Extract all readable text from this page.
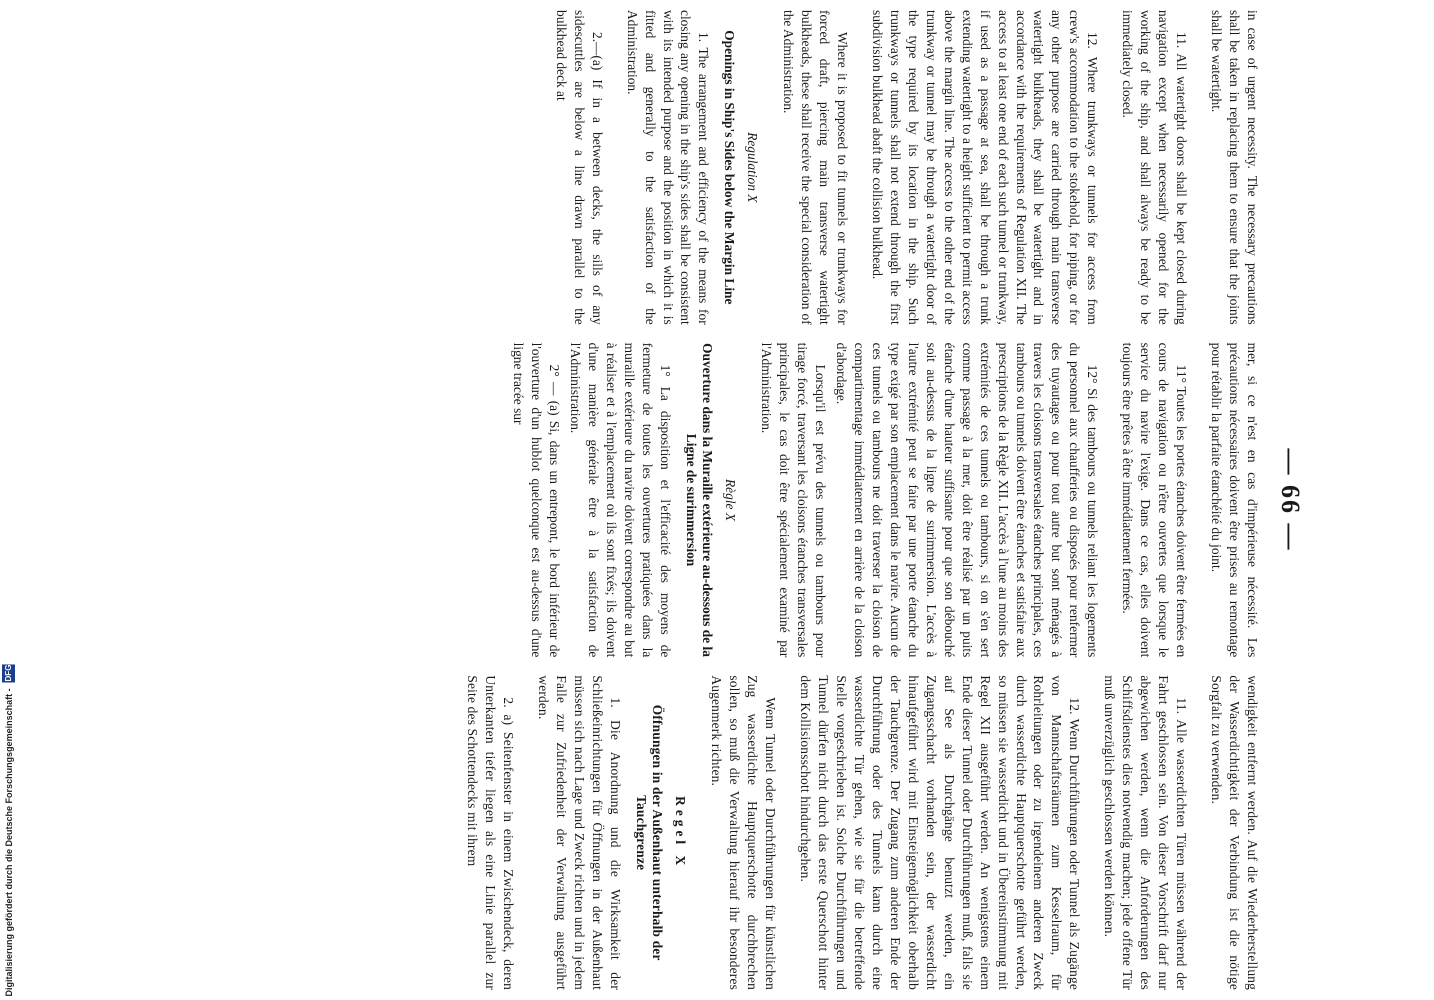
— 66 —

in case of urgent necessity. The necessary precautions shall be taken in replacing them to ensure that the joints shall be watertight.

11. All watertight doors shall be kept closed during navigation except when necessarily opened for the working of the ship, and shall always be ready to be immediately closed.

12. Where trunkways or tunnels for access from crew's accommodation to the stokehold, for piping, or for any other purpose are carried through main transverse watertight bulkheads, they shall be watertight and in accordance with the requirements of Regulation XII. The access to at least one end of each such tunnel or trunkway, if used as a passage at sea, shall be through a trunk extending watertight to a height sufficient to permit access above the margin line. The access to the other end of the trunkway or tunnel may be through a watertight door of the type required by its location in the ship. Such trunkways or tunnels shall not extend through the first subdivision bulkhead abaft the collision bulkhead.

Where it is proposed to fit tunnels or trunkways for forced draft, piercing main transverse watertight bulkheads, these shall receive the special consideration of the Administration.

Regulation X
Openings in Ship's Sides below the Margin Line

1. The arrangement and efficiency of the means for closing any opening in the ship's sides shall be consistent with its intended purpose and the position in which it is fitted and generally to the satisfaction of the Administration.

2.—(a) If in a between decks, the sills of any sidescuttles are below a line drawn parallel to the bulkhead deck at

mer, si ce n'est en cas d'impérieuse nécessité. Les précautions nécessaires doivent être prises au remontage pour rétablir la parfaite étanchéité du joint.

11° Toutes les portes étanches doivent être fermées en cours de navigation ou n'être ouvertes que lorsque le service du navire l'exige. Dans ce cas, elles doivent toujours être prêtes à être immédiatement fermées.

12° Si des tambours ou tunnels reliant les logements du personnel aux chaufferies ou disposés pour renfermer des tuyautages ou pour tout autre but sont ménagés à travers les cloisons transversales étanches principales, ces tambours ou tunnels doivent être étanches et satisfaire aux prescriptions de la Règle XII. L'accès à l'une au moins des extrémités de ces tunnels ou tambours, si on s'en sert comme passage à la mer, doit être réalisé par un puits étanche d'une hauteur suffisante pour que son débouché soit au-dessus de la ligne de surimmersion. L'accès à l'autre extrémité peut se faire par une porte étanche du type exigé par son emplacement dans le navire. Aucun de ces tunnels ou tambours ne doit traverser la cloison de compartimentage immédiatement en arrière de la cloison d'abordage.

Lorsqu'il est prévu des tunnels ou tambours pour tirage forcé, traversant les cloisons étanches transversales principales, le cas doit être spécialement examiné par l'Administration.

Règle X
Ouverture dans la Muraille extérieure au-dessous de la Ligne de surimmersion

1° La disposition et l'efficacité des moyens de fermeture de toutes les ouvertures pratiquées dans la muraille extérieure du navire doivent correspondre au but à réaliser et à l'emplacement où ils sont fixés; ils doivent d'une manière générale être à la satisfaction de l'Administration.

2° — (a) Si, dans un entrepont, le bord inférieur de l'ouverture d'un hublot quelconque est au-dessus d'une ligne tracée sur

wendigkeit entfernt werden. Auf die Wiederherstellung der Wasserdichtigkeit der Verbindung ist die nötige Sorgfalt zu verwenden.

11. Alle wasserdichten Türen müssen während der Fahrt geschlossen sein. Von dieser Vorschrift darf nur abgewichen werden, wenn die Anforderungen des Schiffsdienstes dies notwendig machen; jede offene Tür muß unverzüglich geschlossen werden können.

12. Wenn Durchführungen oder Tunnel als Zugänge von Mannschaftsräumen zum Kesselraum, für Rohrleitungen oder zu irgendeinem anderen Zweck durch wasserdichte Hauptquerschotte geführt werden, so müssen sie wasserdicht und in Übereinstimmung mit Regel XII ausgeführt werden. An wenigstens einem Ende dieser Tunnel oder Durchführungen muß, falls sie auf See als Durchgänge benutzt werden, ein Zugangsschacht vorhanden sein, der wasserdicht hinaufgeführt wird mit Einsteigemöglichkeit oberhalb der Tauchgrenze. Der Zugang zum anderen Ende der Durchführung oder des Tunnels kann durch eine wasserdichte Tür gehen, wie sie für die betreffende Stelle vorgeschrieben ist. Solche Durchführungen und Tunnel dürfen nicht durch das erste Querschott hinter dem Kollisionsschott hindurchgehen.

Wenn Tunnel oder Durchführungen für künstlichen Zug wasserdichte Hauptquerschotte durchbrechen sollen, so muß die Verwaltung hierauf ihr besonderes Augenmerk richten.

Regel X
Öffnungen in der Außenhaut unterhalb der Tauchgrenze

1. Die Anordnung und die Wirksamkeit der Schließeinrichtungen für Öffnungen in der Außenhaut müssen sich nach Lage und Zweck richten und in jedem Falle zur Zufriedenheit der Verwaltung ausgeführt werden.

2. a) Seitenfenster in einem Zwischendeck, deren Unterkanten tiefer liegen als eine Linie parallel zur Seite des Schottendecks mit ihrem

Digitalisierung gefördert durch die Deutsche Forschungsgemeinschaft - DFG
